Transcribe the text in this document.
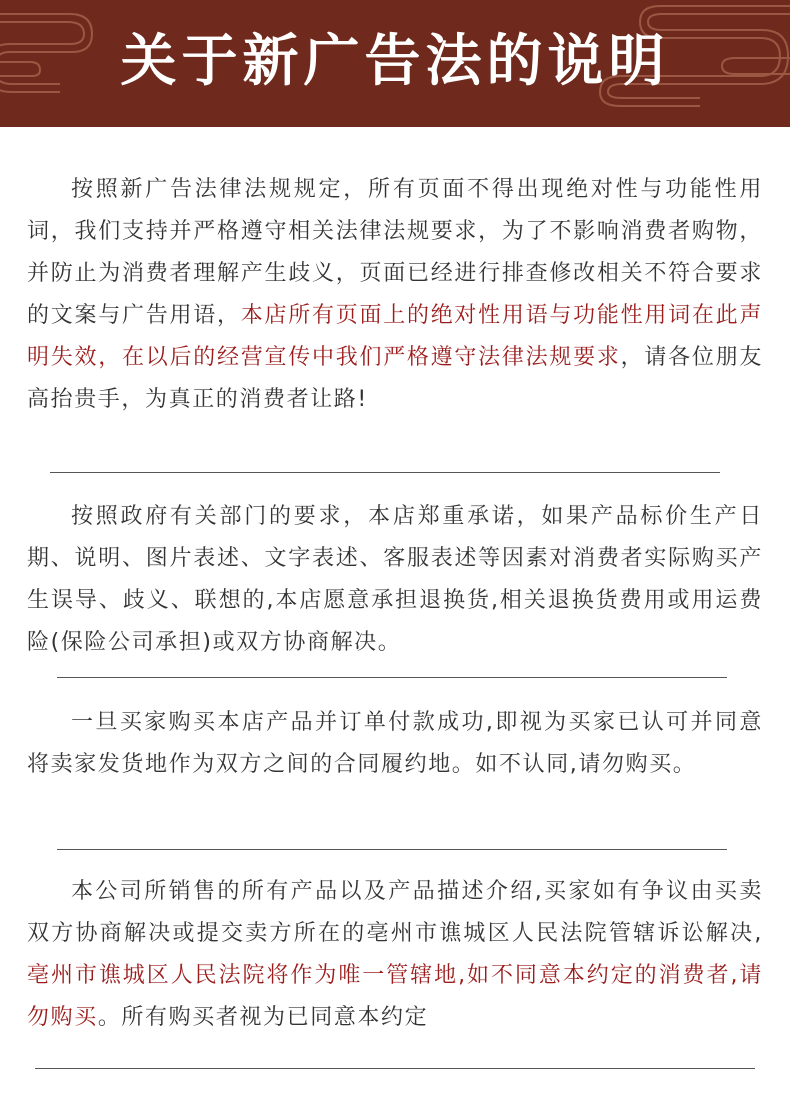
关于新广告法的说明

按照新广告法律法规规定，所有页面不得出现绝对性与功能性用词，我们支持并严格遵守相关法律法规要求，为了不影响消费者购物，并防止为消费者理解产生歧义，页面已经进行排查修改相关不符合要求的文案与广告用语，本店所有页面上的绝对性用语与功能性用词在此声明失效，在以后的经营宣传中我们严格遵守法律法规要求，请各位朋友高抬贵手，为真正的消费者让路!

按照政府有关部门的要求，本店郑重承诺，如果产品标价生产日期、说明、图片表述、文字表述、客服表述等因素对消费者实际购买产生误导、歧义、联想的,本店愿意承担退换货,相关退换货费用或用运费险(保险公司承担)或双方协商解决。

一旦买家购买本店产品并订单付款成功,即视为买家已认可并同意将卖家发货地作为双方之间的合同履约地。如不认同,请勿购买。

本公司所销售的所有产品以及产品描述介绍,买家如有争议由买卖双方协商解决或提交卖方所在的亳州市谯城区人民法院管辖诉讼解决,亳州市谯城区人民法院将作为唯一管辖地,如不同意本约定的消费者,请勿购买。所有购买者视为已同意本约定
